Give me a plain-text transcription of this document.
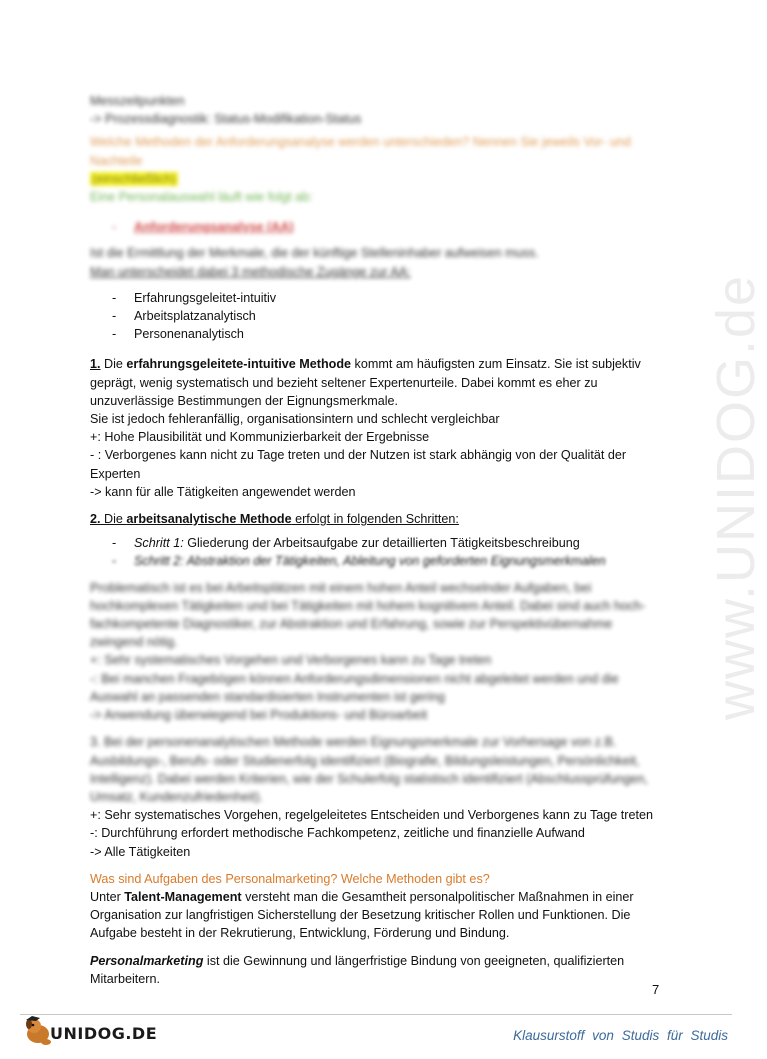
www.UNIDOG.de

Messzeitpunkten

-> Prozessdiagnostik: Status-Modifikation-Status

Welche Methoden der Anforderungsanalyse werden unterschieden? Nennen Sie jeweils Vor- und Nachteile

(einschließlich)

Eine Personalauswahl läuft wie folgt ab:

- Anforderungsanalyse (AA)

Ist die Ermittlung der Merkmale, die der künftige Stelleninhaber aufweisen muss.

Man unterscheidet dabei 3 methodische Zugänge zur AA:

- Erfahrungsgeleitet-intuitiv
- Arbeitsplatzanalytisch
- Personenanalytisch

1. Die erfahrungsgeleitete-intuitive Methode kommt am häufigsten zum Einsatz. Sie ist subjektiv geprägt, wenig systematisch und bezieht seltener Expertenurteile. Dabei kommt es eher zu unzuverlässige Bestimmungen der Eignungsmerkmale.

Sie ist jedoch fehleranfällig, organisationsintern und schlecht vergleichbar

+: Hohe Plausibilität und Kommunizierbarkeit der Ergebnisse

- : Verborgenes kann nicht zu Tage treten und der Nutzen ist stark abhängig von der Qualität der Experten

-> kann für alle Tätigkeiten angewendet werden

2. Die arbeitsanalytische Methode erfolgt in folgenden Schritten:

- Schritt 1: Gliederung der Arbeitsaufgabe zur detaillierten Tätigkeitsbeschreibung
- Schritt 2: Abstraktion der Tätigkeiten, Ableitung von geforderten Eignungsmerkmalen

Problematisch ist es bei Arbeitsplätzen mit einem hohen Anteil wechselnder Aufgaben, bei hochkomplexen Tätigkeiten und bei Tätigkeiten mit hohem kognitivem Anteil. Dabei sind auch hoch-fachkompetente Diagnostiker, zur Abstraktion und Erfahrung, sowie zur Perspektivübernahme zwingend nötig.

+: Sehr systematisches Vorgehen und Verborgenes kann zu Tage treten

-: Bei manchen Fragebögen können Anforderungsdimensionen nicht abgeleitet werden und die Auswahl an passenden standardisierten Instrumenten ist gering

-> Anwendung überwiegend bei Produktions- und Büroarbeit

3. Bei der personenanalytischen Methode werden Eignungsmerkmale zur Vorhersage von z.B. Ausbildungs-, Berufs- oder Studienerfolg identifiziert (Biografie, Bildungsleistungen, Persönlichkeit, Intelligenz). Dabei werden Kriterien, wie der Schulerfolg statistisch identifiziert (Abschlussprüfungen, Umsatz, Kundenzufriedenheit).

+: Sehr systematisches Vorgehen, regelgeleitetes Entscheiden und Verborgenes kann zu Tage treten

-: Durchführung erfordert methodische Fachkompetenz, zeitliche und finanzielle Aufwand

-> Alle Tätigkeiten

Was sind Aufgaben des Personalmarketing? Welche Methoden gibt es?

Unter Talent-Management versteht man die Gesamtheit personalpolitischer Maßnahmen in einer Organisation zur langfristigen Sicherstellung der Besetzung kritischer Rollen und Funktionen. Die Aufgabe besteht in der Rekrutierung, Entwicklung, Förderung und Bindung.

Personalmarketing ist die Gewinnung und längerfristige Bindung von geeigneten, qualifizierten Mitarbeitern.

7
UNIDOG.DE	Klausurstoff von Studis für Studis
